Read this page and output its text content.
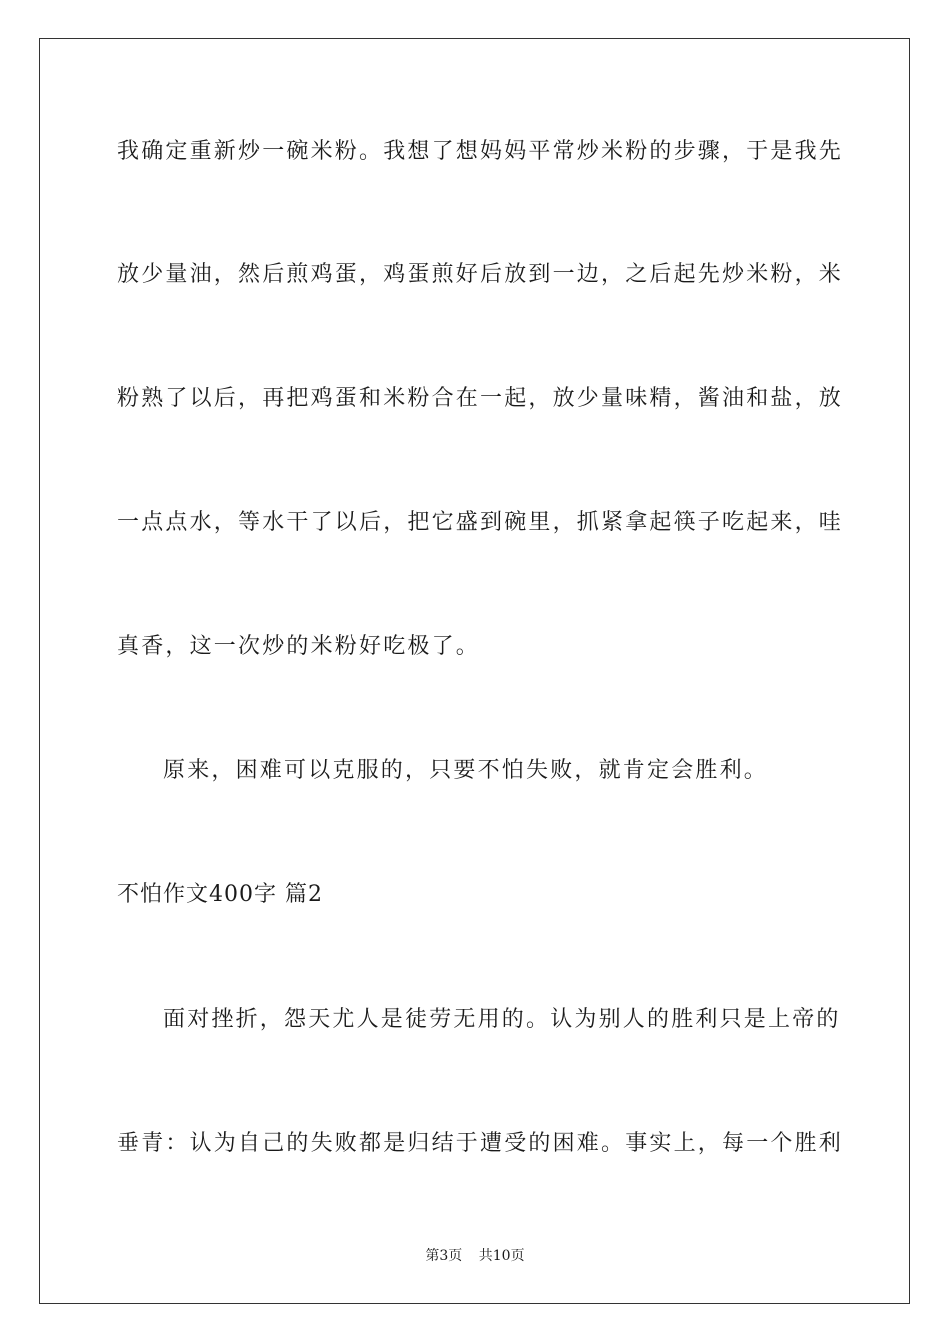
我确定重新炒一碗米粉。我想了想妈妈平常炒米粉的步骤，于是我先
放少量油，然后煎鸡蛋，鸡蛋煎好后放到一边，之后起先炒米粉，米
粉熟了以后，再把鸡蛋和米粉合在一起，放少量味精，酱油和盐，放
一点点水，等水干了以后，把它盛到碗里，抓紧拿起筷子吃起来，哇
真香，这一次炒的米粉好吃极了。
原来，困难可以克服的，只要不怕失败，就肯定会胜利。
不怕作文400字 篇2
面对挫折，怨天尤人是徒劳无用的。认为别人的胜利只是上帝的
垂青：认为自己的失败都是归结于遭受的困难。事实上，每一个胜利
第3页 共10页
